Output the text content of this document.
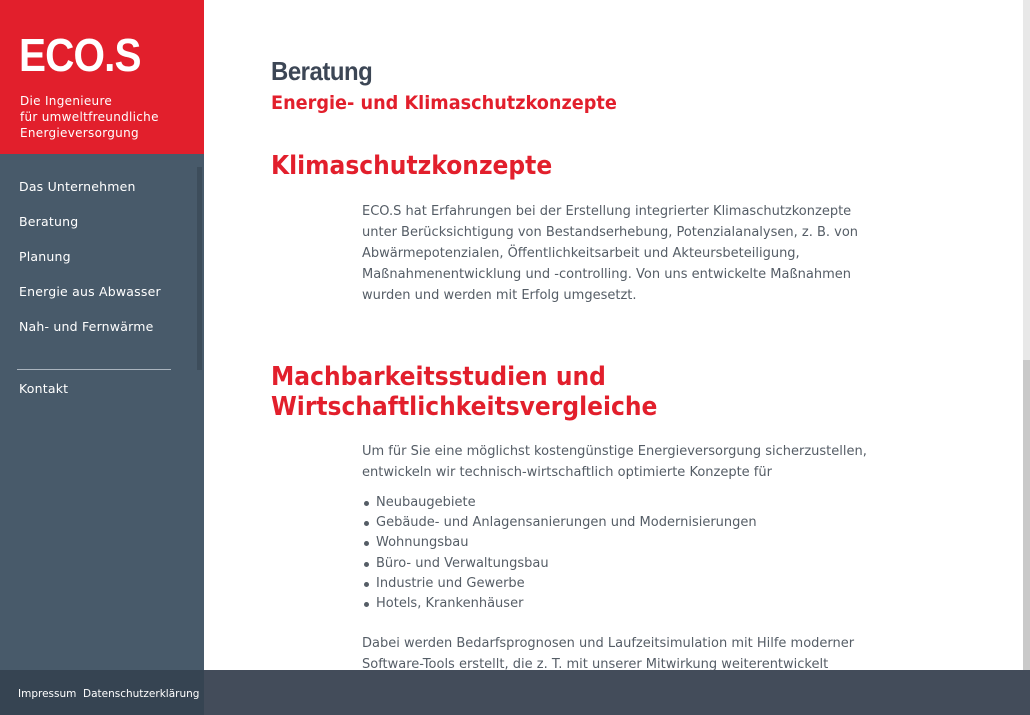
Beratung
Energie- und Klimaschutzkonzepte
Klimaschutzkonzepte
ECO.S hat Erfahrungen bei der Erstellung integrierter Klimaschutzkonzepte
unter Berücksichtigung von Bestandserhebung, Potenzialanalysen, z. B. von
Abwärmepotenzialen, Öffentlichkeitsarbeit und Akteursbeteiligung,
Maßnahmenentwicklung und -controlling. Von uns entwickelte Maßnahmen
wurden und werden mit Erfolg umgesetzt.
Machbarkeitsstudien und
Wirtschaftlichkeitsvergleiche
Um für Sie eine möglichst kostengünstige Energieversorgung sicherzustellen,
entwickeln wir technisch-wirtschaftlich optimierte Konzepte für
Neubaugebiete
Gebäude- und Anlagensanierungen und Modernisierungen
Wohnungsbau
Büro- und Verwaltungsbau
Industrie und Gewerbe
Hotels, Krankenhäuser
Dabei werden Bedarfsprognosen und Laufzeitsimulation mit Hilfe moderner
Software-Tools erstellt, die z. T. mit unserer Mitwirkung weiterentwickelt
ECO.S
Die Ingenieure
für umweltfreundliche
Energieversorgung
Das Unternehmen
Beratung
Planung
Energie aus Abwasser
Nah- und Fernwärme
Kontakt
Impressum Datenschutzerklärung
